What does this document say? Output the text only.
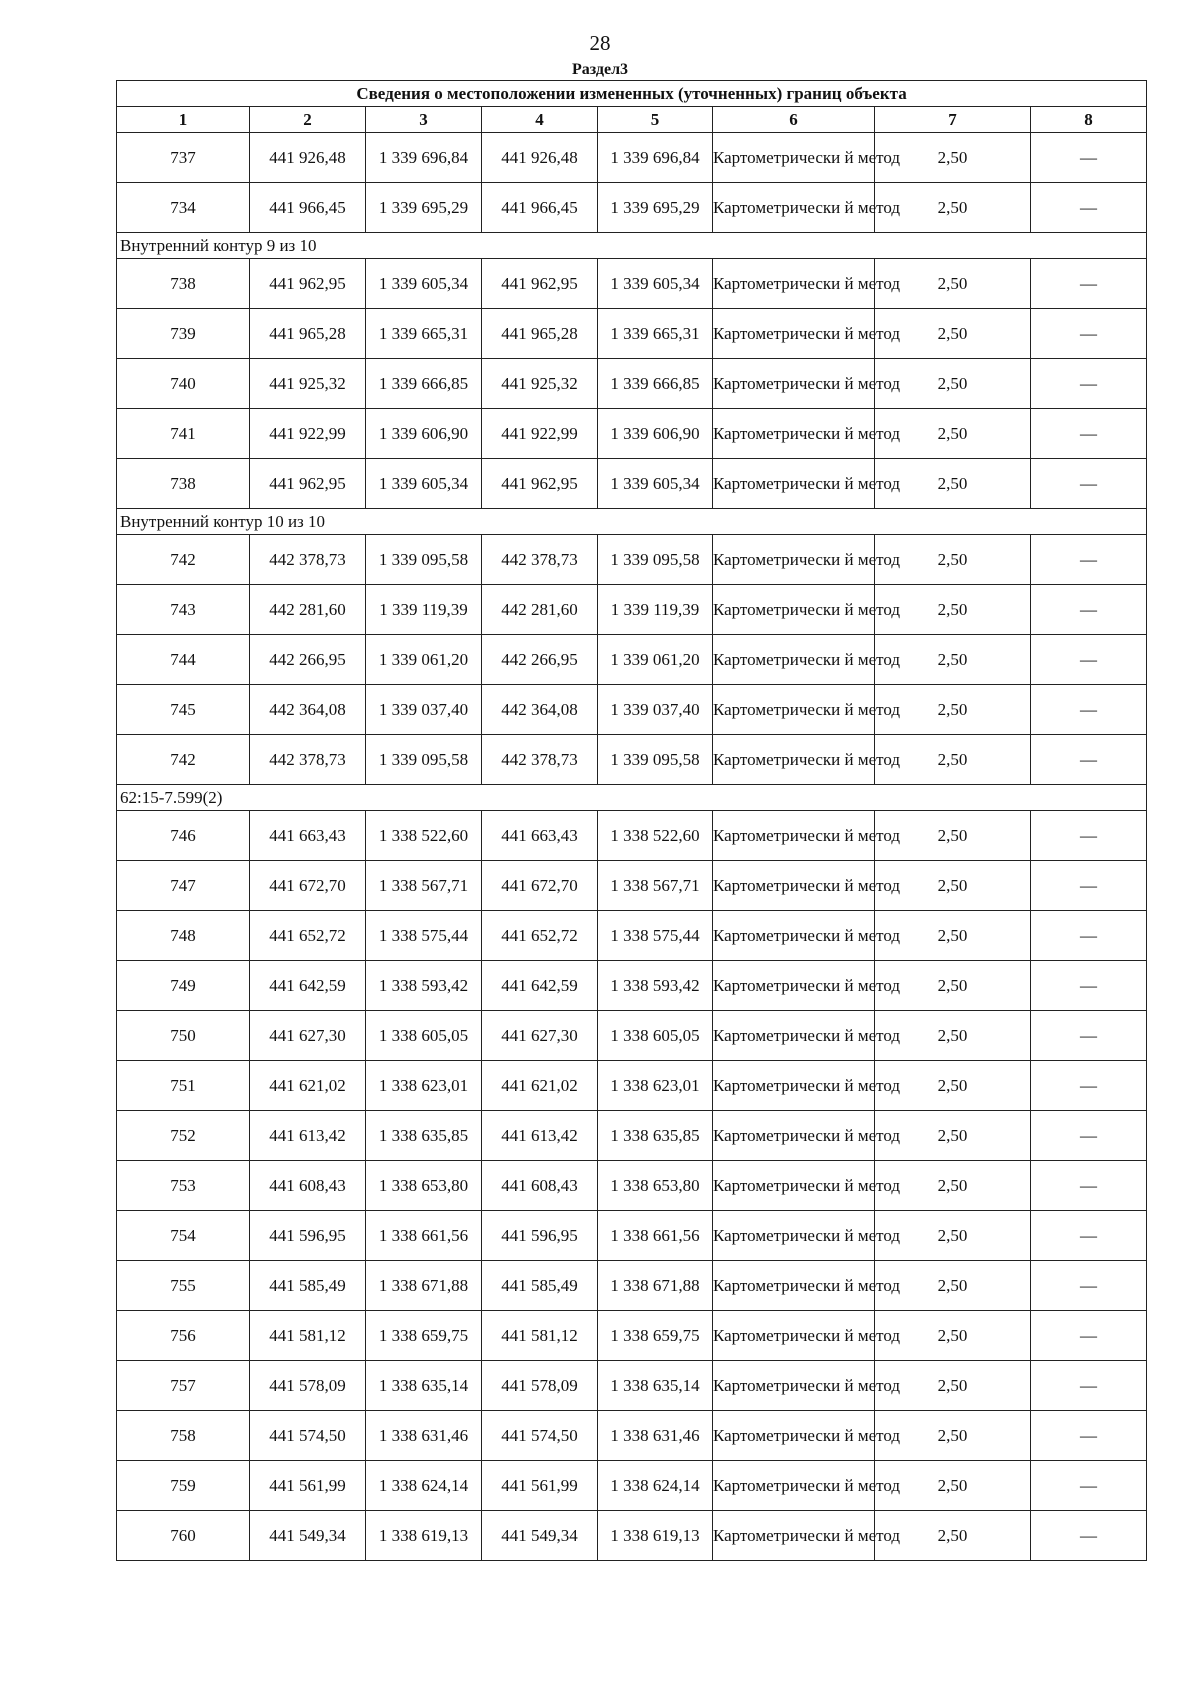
28
Раздел3
Сведения о местоположении измененных (уточненных) границ объекта							
1	2	3	4	5	6	7	8
737	441 926,48	1 339 696,84	441 926,48	1 339 696,84	Картометрически й метод	2,50	—
734	441 966,45	1 339 695,29	441 966,45	1 339 695,29	Картометрически й метод	2,50	—
Внутренний контур 9 из 10							
738	441 962,95	1 339 605,34	441 962,95	1 339 605,34	Картометрически й метод	2,50	—
739	441 965,28	1 339 665,31	441 965,28	1 339 665,31	Картометрически й метод	2,50	—
740	441 925,32	1 339 666,85	441 925,32	1 339 666,85	Картометрически й метод	2,50	—
741	441 922,99	1 339 606,90	441 922,99	1 339 606,90	Картометрически й метод	2,50	—
738	441 962,95	1 339 605,34	441 962,95	1 339 605,34	Картометрически й метод	2,50	—
Внутренний контур 10 из 10							
742	442 378,73	1 339 095,58	442 378,73	1 339 095,58	Картометрически й метод	2,50	—
743	442 281,60	1 339 119,39	442 281,60	1 339 119,39	Картометрически й метод	2,50	—
744	442 266,95	1 339 061,20	442 266,95	1 339 061,20	Картометрически й метод	2,50	—
745	442 364,08	1 339 037,40	442 364,08	1 339 037,40	Картометрически й метод	2,50	—
742	442 378,73	1 339 095,58	442 378,73	1 339 095,58	Картометрически й метод	2,50	—
62:15-7.599(2)							
746	441 663,43	1 338 522,60	441 663,43	1 338 522,60	Картометрически й метод	2,50	—
747	441 672,70	1 338 567,71	441 672,70	1 338 567,71	Картометрически й метод	2,50	—
748	441 652,72	1 338 575,44	441 652,72	1 338 575,44	Картометрически й метод	2,50	—
749	441 642,59	1 338 593,42	441 642,59	1 338 593,42	Картометрически й метод	2,50	—
750	441 627,30	1 338 605,05	441 627,30	1 338 605,05	Картометрически й метод	2,50	—
751	441 621,02	1 338 623,01	441 621,02	1 338 623,01	Картометрически й метод	2,50	—
752	441 613,42	1 338 635,85	441 613,42	1 338 635,85	Картометрически й метод	2,50	—
753	441 608,43	1 338 653,80	441 608,43	1 338 653,80	Картометрически й метод	2,50	—
754	441 596,95	1 338 661,56	441 596,95	1 338 661,56	Картометрически й метод	2,50	—
755	441 585,49	1 338 671,88	441 585,49	1 338 671,88	Картометрически й метод	2,50	—
756	441 581,12	1 338 659,75	441 581,12	1 338 659,75	Картометрически й метод	2,50	—
757	441 578,09	1 338 635,14	441 578,09	1 338 635,14	Картометрически й метод	2,50	—
758	441 574,50	1 338 631,46	441 574,50	1 338 631,46	Картометрически й метод	2,50	—
759	441 561,99	1 338 624,14	441 561,99	1 338 624,14	Картометрически й метод	2,50	—
760	441 549,34	1 338 619,13	441 549,34	1 338 619,13	Картометрически й метод	2,50	—
